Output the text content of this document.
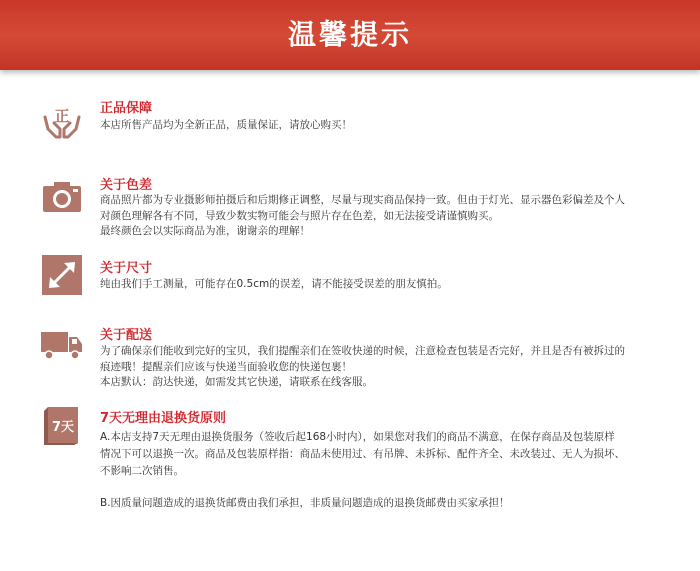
温馨提示
正 正品保障
本店所售产品均为全新正品，质量保证，请放心购买！
关于色差
商品照片都为专业摄影师拍摄后和后期修正调整，尽量与现实商品保持一致。但由于灯光、显示器色彩偏差及个人
对颜色理解各有不同，导致少数实物可能会与照片存在色差，如无法接受请谨慎购买。
最终颜色会以实际商品为准，谢谢亲的理解！
关于尺寸
纯由我们手工测量，可能存在0.5cm的误差，请不能接受误差的朋友慎拍。
关于配送
为了确保亲们能收到完好的宝贝，我们提醒亲们在签收快递的时候，注意检查包装是否完好，并且是否有被拆过的
痕迹哦！提醒亲们应该与快递当面验收您的快递包裹！
本店默认：韵达快递，如需发其它快递，请联系在线客服。
7天
7天无理由退换货原则
A.本店支持7天无理由退换货服务（签收后起168小时内），如果您对我们的商品不满意，在保存商品及包装原样
情况下可以退换一次。商品及包装原样指：商品未使用过、有吊牌、未拆标、配件齐全、未改装过、无人为损坏、
不影响二次销售。
B.因质量问题造成的退换货邮费由我们承担，非质量问题造成的退换货邮费由买家承担！
